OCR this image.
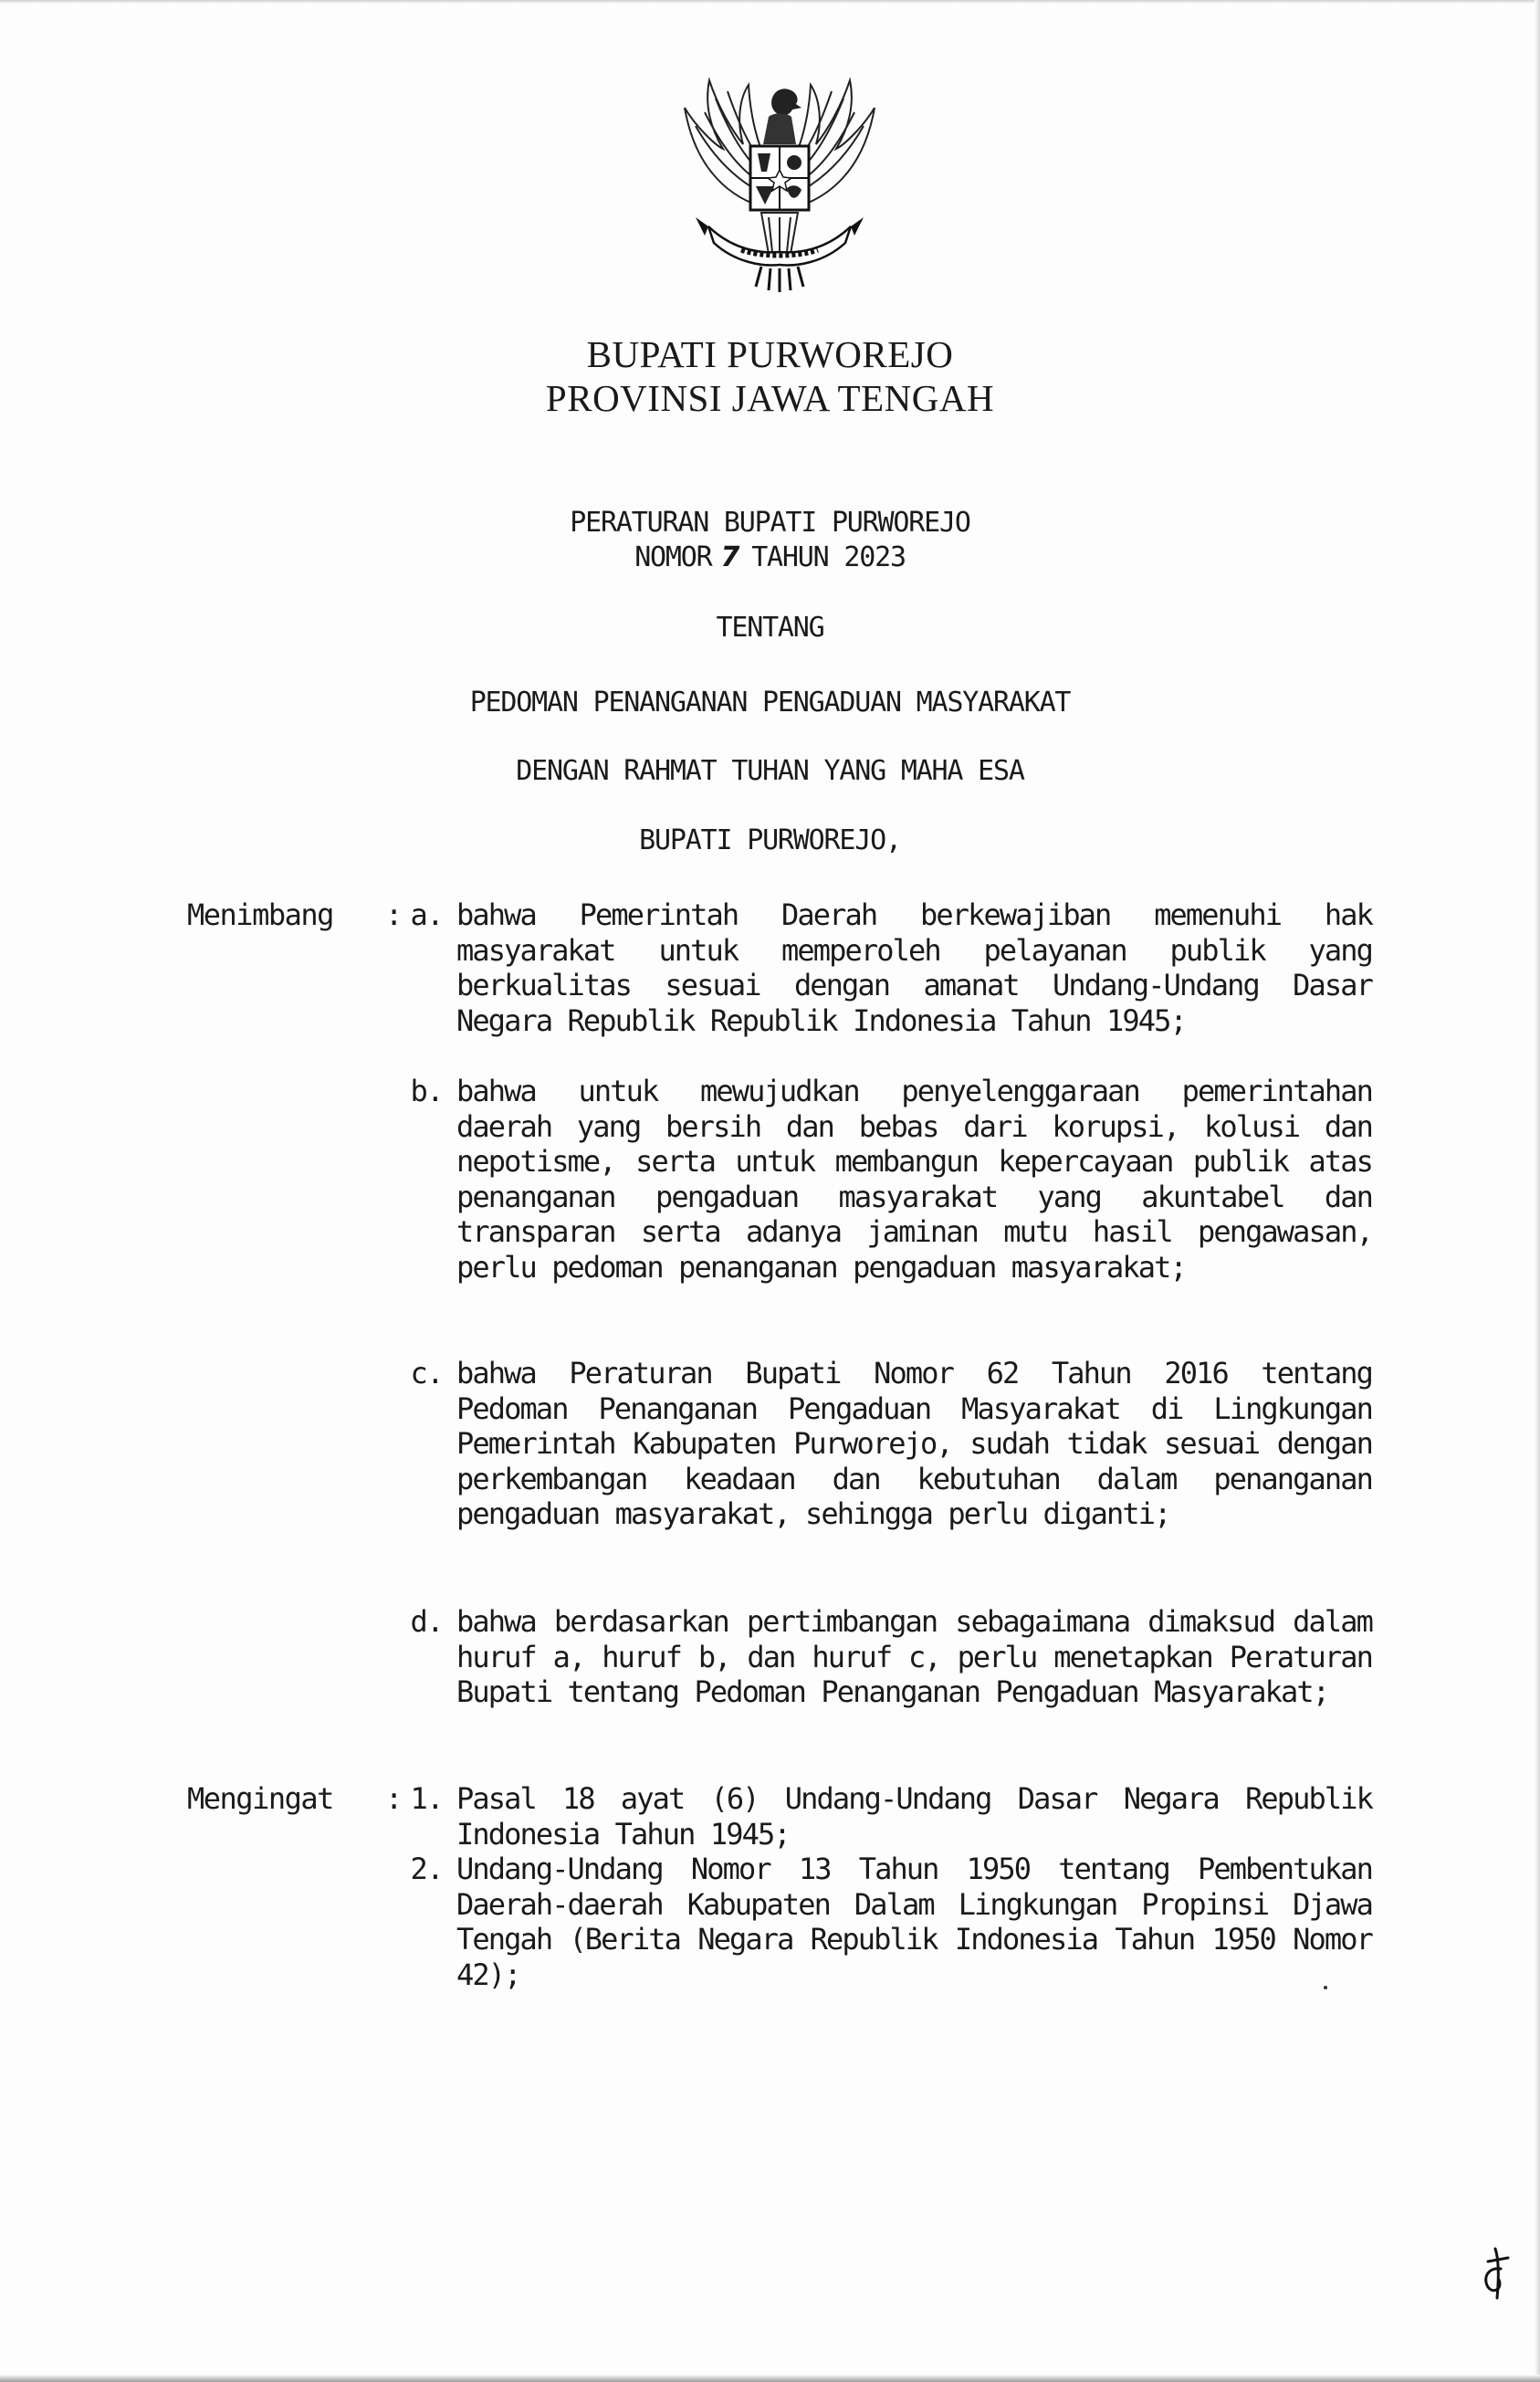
BUPATI PURWOREJO
PROVINSI JAWA TENGAH
PERATURAN BUPATI PURWOREJO
NOMOR 7 TAHUN 2023
TENTANG
PEDOMAN PENANGANAN PENGADUAN MASYARAKAT
DENGAN RAHMAT TUHAN YANG MAHA ESA
BUPATI PURWOREJO,
Menimbang : a. bahwa Pemerintah Daerah berkewajiban memenuhi hak masyarakat untuk memperoleh pelayanan publik yang berkualitas sesuai dengan amanat Undang-Undang Dasar Negara Republik Republik Indonesia Tahun 1945;
b. bahwa untuk mewujudkan penyelenggaraan pemerintahan daerah yang bersih dan bebas dari korupsi, kolusi dan nepotisme, serta untuk membangun kepercayaan publik atas penanganan pengaduan masyarakat yang akuntabel dan transparan serta adanya jaminan mutu hasil pengawasan, perlu pedoman penanganan pengaduan masyarakat;
c. bahwa Peraturan Bupati Nomor 62 Tahun 2016 tentang Pedoman Penanganan Pengaduan Masyarakat di Lingkungan Pemerintah Kabupaten Purworejo, sudah tidak sesuai dengan perkembangan keadaan dan kebutuhan dalam penanganan pengaduan masyarakat, sehingga perlu diganti;
d. bahwa berdasarkan pertimbangan sebagaimana dimaksud dalam huruf a, huruf b, dan huruf c, perlu menetapkan Peraturan Bupati tentang Pedoman Penanganan Pengaduan Masyarakat;
Mengingat : 1. Pasal 18 ayat (6) Undang-Undang Dasar Negara Republik Indonesia Tahun 1945;
2. Undang-Undang Nomor 13 Tahun 1950 tentang Pembentukan Daerah-daerah Kabupaten Dalam Lingkungan Propinsi Djawa Tengah (Berita Negara Republik Indonesia Tahun 1950 Nomor 42);
